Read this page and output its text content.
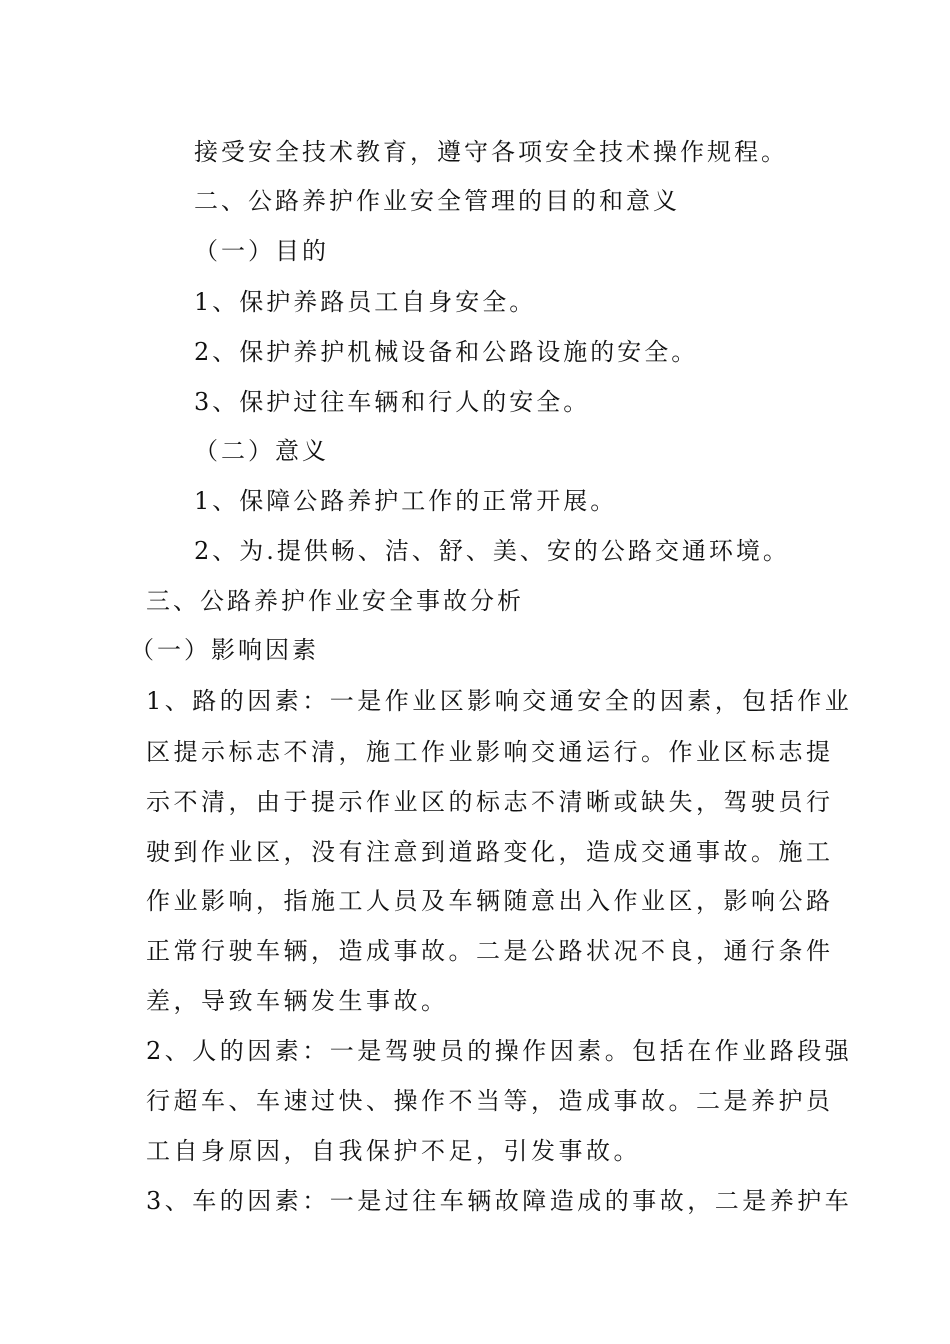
接受安全技术教育，遵守各项安全技术操作规程。

二、公路养护作业安全管理的目的和意义

（一）目的

1、保护养路员工自身安全。

2、保护养护机械设备和公路设施的安全。

3、保护过往车辆和行人的安全。

（二）意义

1、保障公路养护工作的正常开展。

2、为.提供畅、洁、舒、美、安的公路交通环境。

三、公路养护作业安全事故分析

（一）影响因素

1、路的因素：一是作业区影响交通安全的因素，包括作业

区提示标志不清，施工作业影响交通运行。作业区标志提

示不清，由于提示作业区的标志不清晰或缺失，驾驶员行

驶到作业区，没有注意到道路变化，造成交通事故。施工

作业影响，指施工人员及车辆随意出入作业区，影响公路

正常行驶车辆，造成事故。二是公路状况不良，通行条件

差，导致车辆发生事故。

2、人的因素：一是驾驶员的操作因素。包括在作业路段强

行超车、车速过快、操作不当等，造成事故。二是养护员

工自身原因，自我保护不足，引发事故。

3、车的因素：一是过往车辆故障造成的事故，二是养护车
